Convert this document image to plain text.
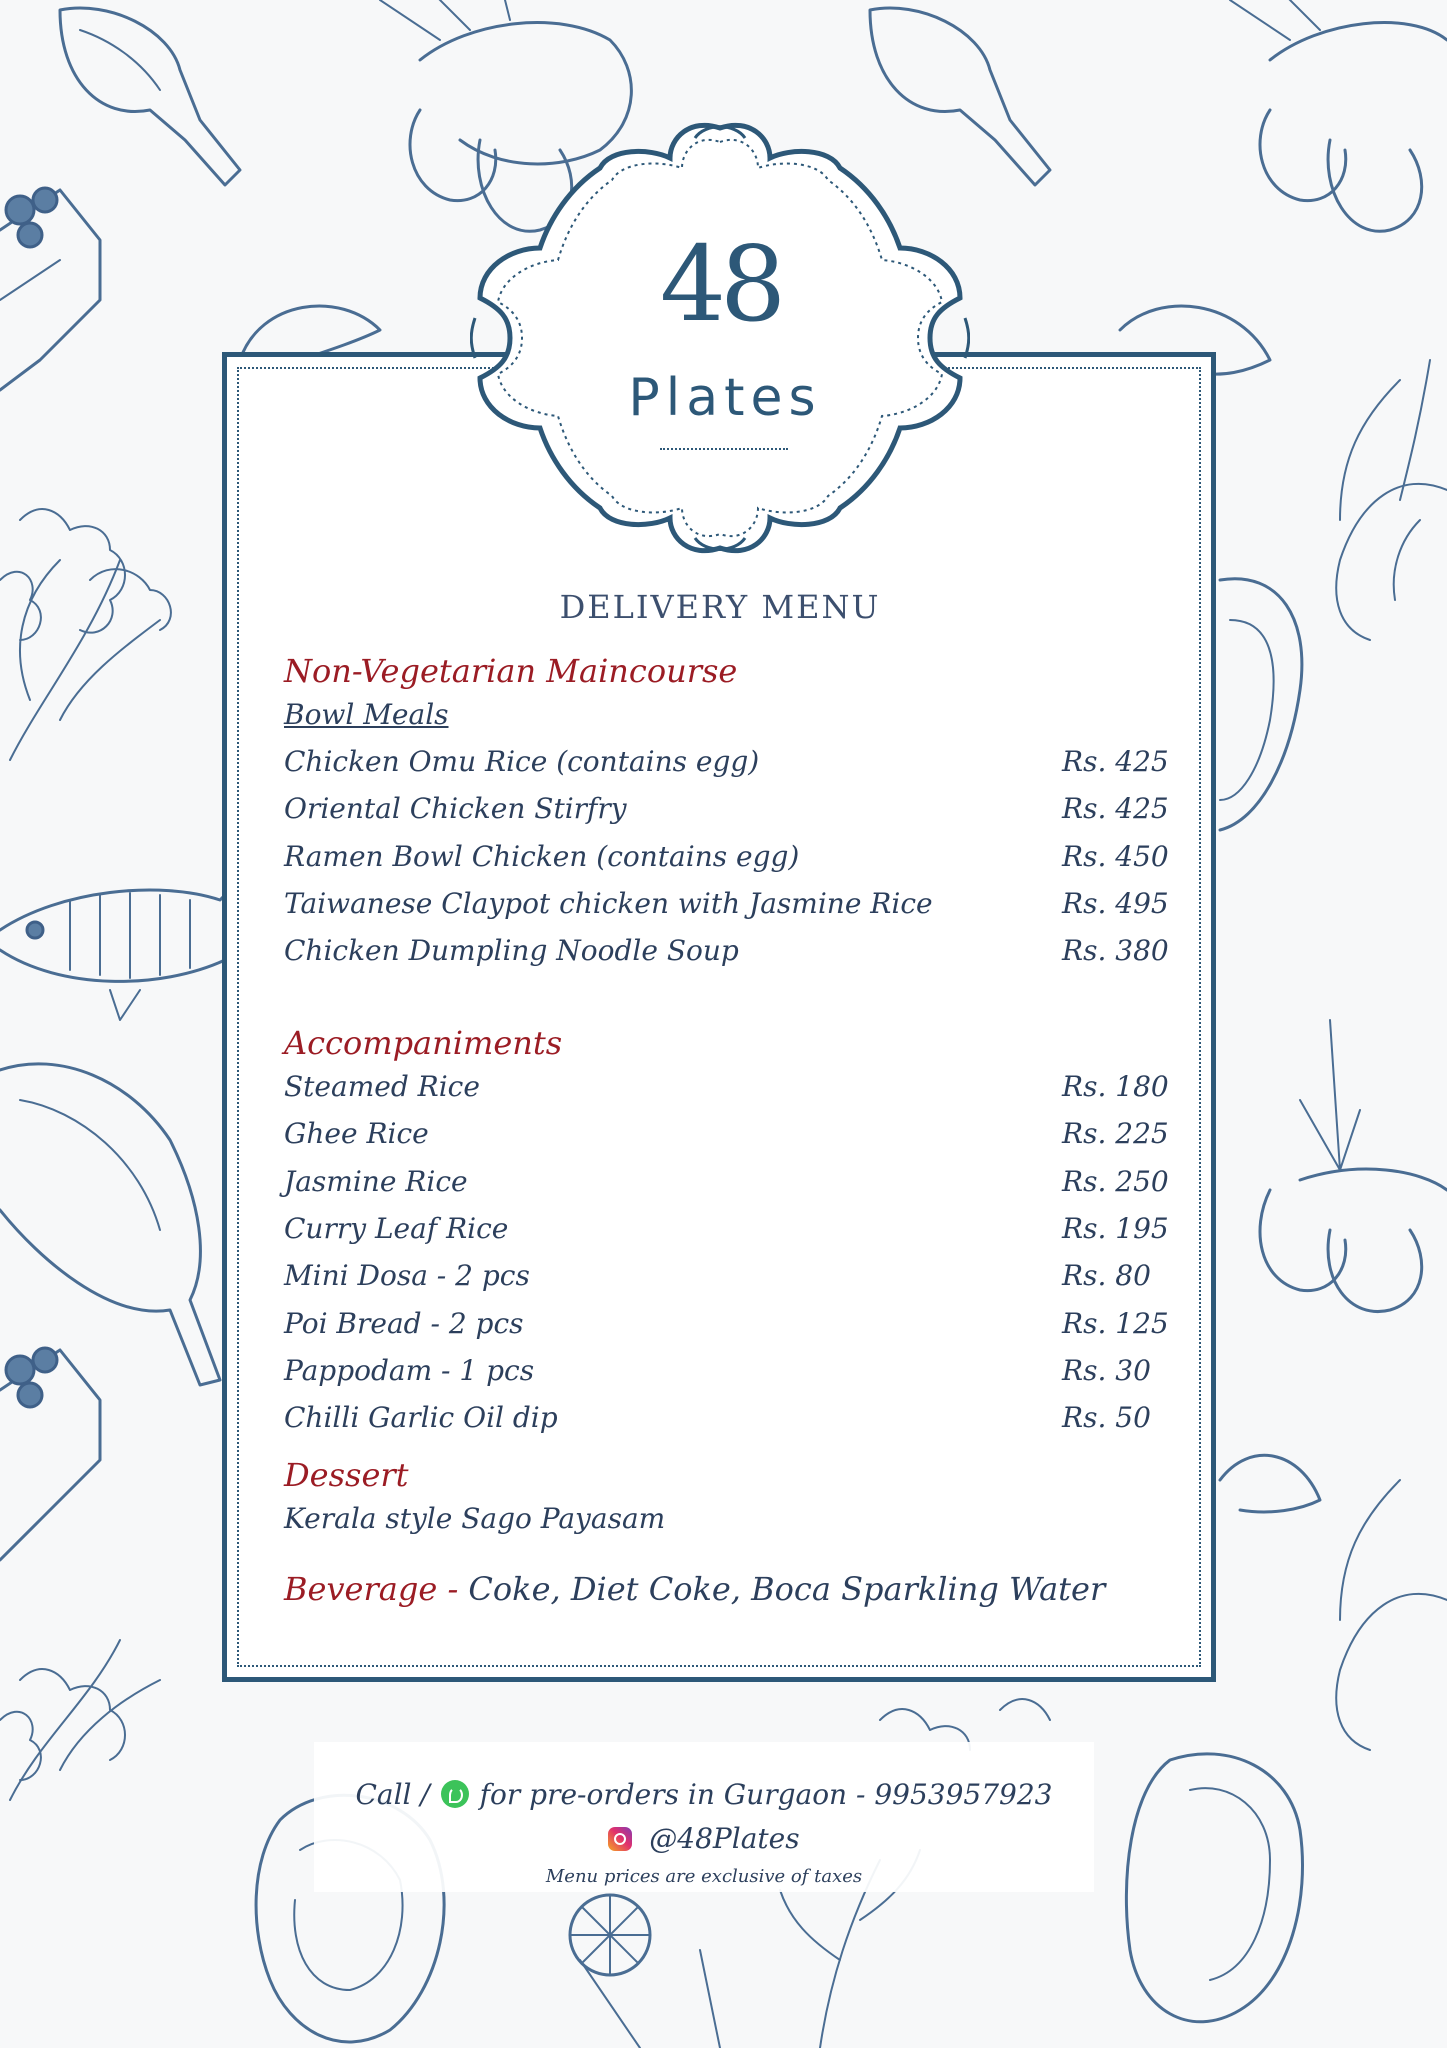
48
Plates
DELIVERY MENU
Non-Vegetarian Maincourse
Bowl Meals
Chicken Omu Rice (contains egg)	Rs. 425
Oriental Chicken Stirfry	Rs. 425
Ramen Bowl Chicken (contains egg)	Rs. 450
Taiwanese Claypot chicken with Jasmine Rice	Rs. 495
Chicken Dumpling Noodle Soup	Rs. 380
Accompaniments
Steamed Rice	Rs. 180
Ghee Rice	Rs. 225
Jasmine Rice	Rs. 250
Curry Leaf Rice	Rs. 195
Mini Dosa - 2 pcs	Rs. 80
Poi Bread - 2 pcs	Rs. 125
Pappodam - 1 pcs	Rs. 30
Chilli Garlic Oil dip	Rs. 50
Dessert
Kerala style Sago Payasam
Beverage - Coke, Diet Coke, Boca Sparkling Water
Call / for pre-orders in Gurgaon - 9953957923
@48Plates
Menu prices are exclusive of taxes
